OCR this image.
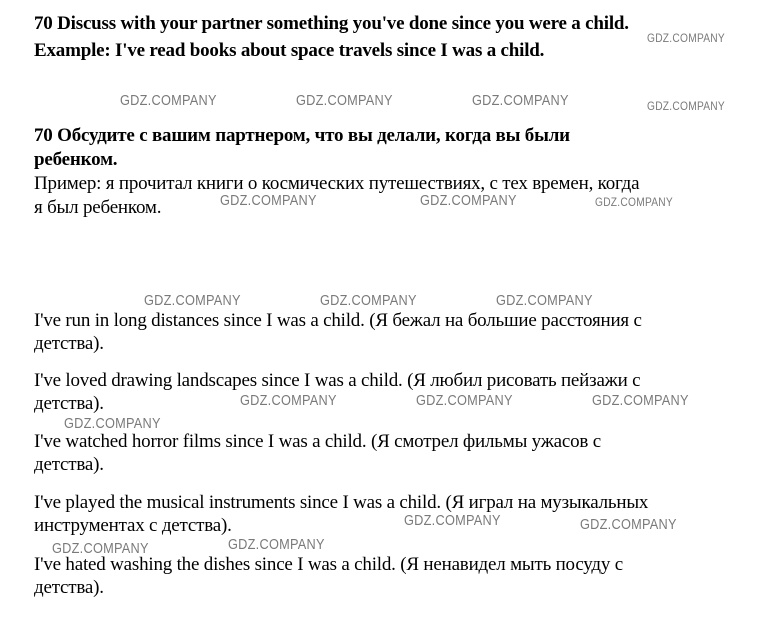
70 Discuss with your partner something you've done since you were a child.
Example: I've read books about space travels since I was a child.
70 Обсудите с вашим партнером, что вы делали, когда вы были
ребенком.
Пример: я прочитал книги о космических путешествиях, с тех времен, когда
я был ребенком.
I've run in long distances since I was a child. (Я бежал на большие расстояния с
детства).
I've loved drawing landscapes since I was a child. (Я любил рисовать пейзажи с
детства).
I've watched horror films since I was a child. (Я смотрел фильмы ужасов с
детства).
I've played the musical instruments since I was a child. (Я играл на музыкальных
инструментах с детства).
I've hated washing the dishes since I was a child. (Я ненавидел мыть посуду с
детства).
GDZ.COMPANY
GDZ.COMPANY	GDZ.COMPANY	GDZ.COMPANY	GDZ.COMPANY
GDZ.COMPANY	GDZ.COMPANY	GDZ.COMPANY
GDZ.COMPANY	GDZ.COMPANY	GDZ.COMPANY
GDZ.COMPANY	GDZ.COMPANY	GDZ.COMPANY
GDZ.COMPANY
GDZ.COMPANY	GDZ.COMPANY
GDZ.COMPANY
GDZ.COMPANY
